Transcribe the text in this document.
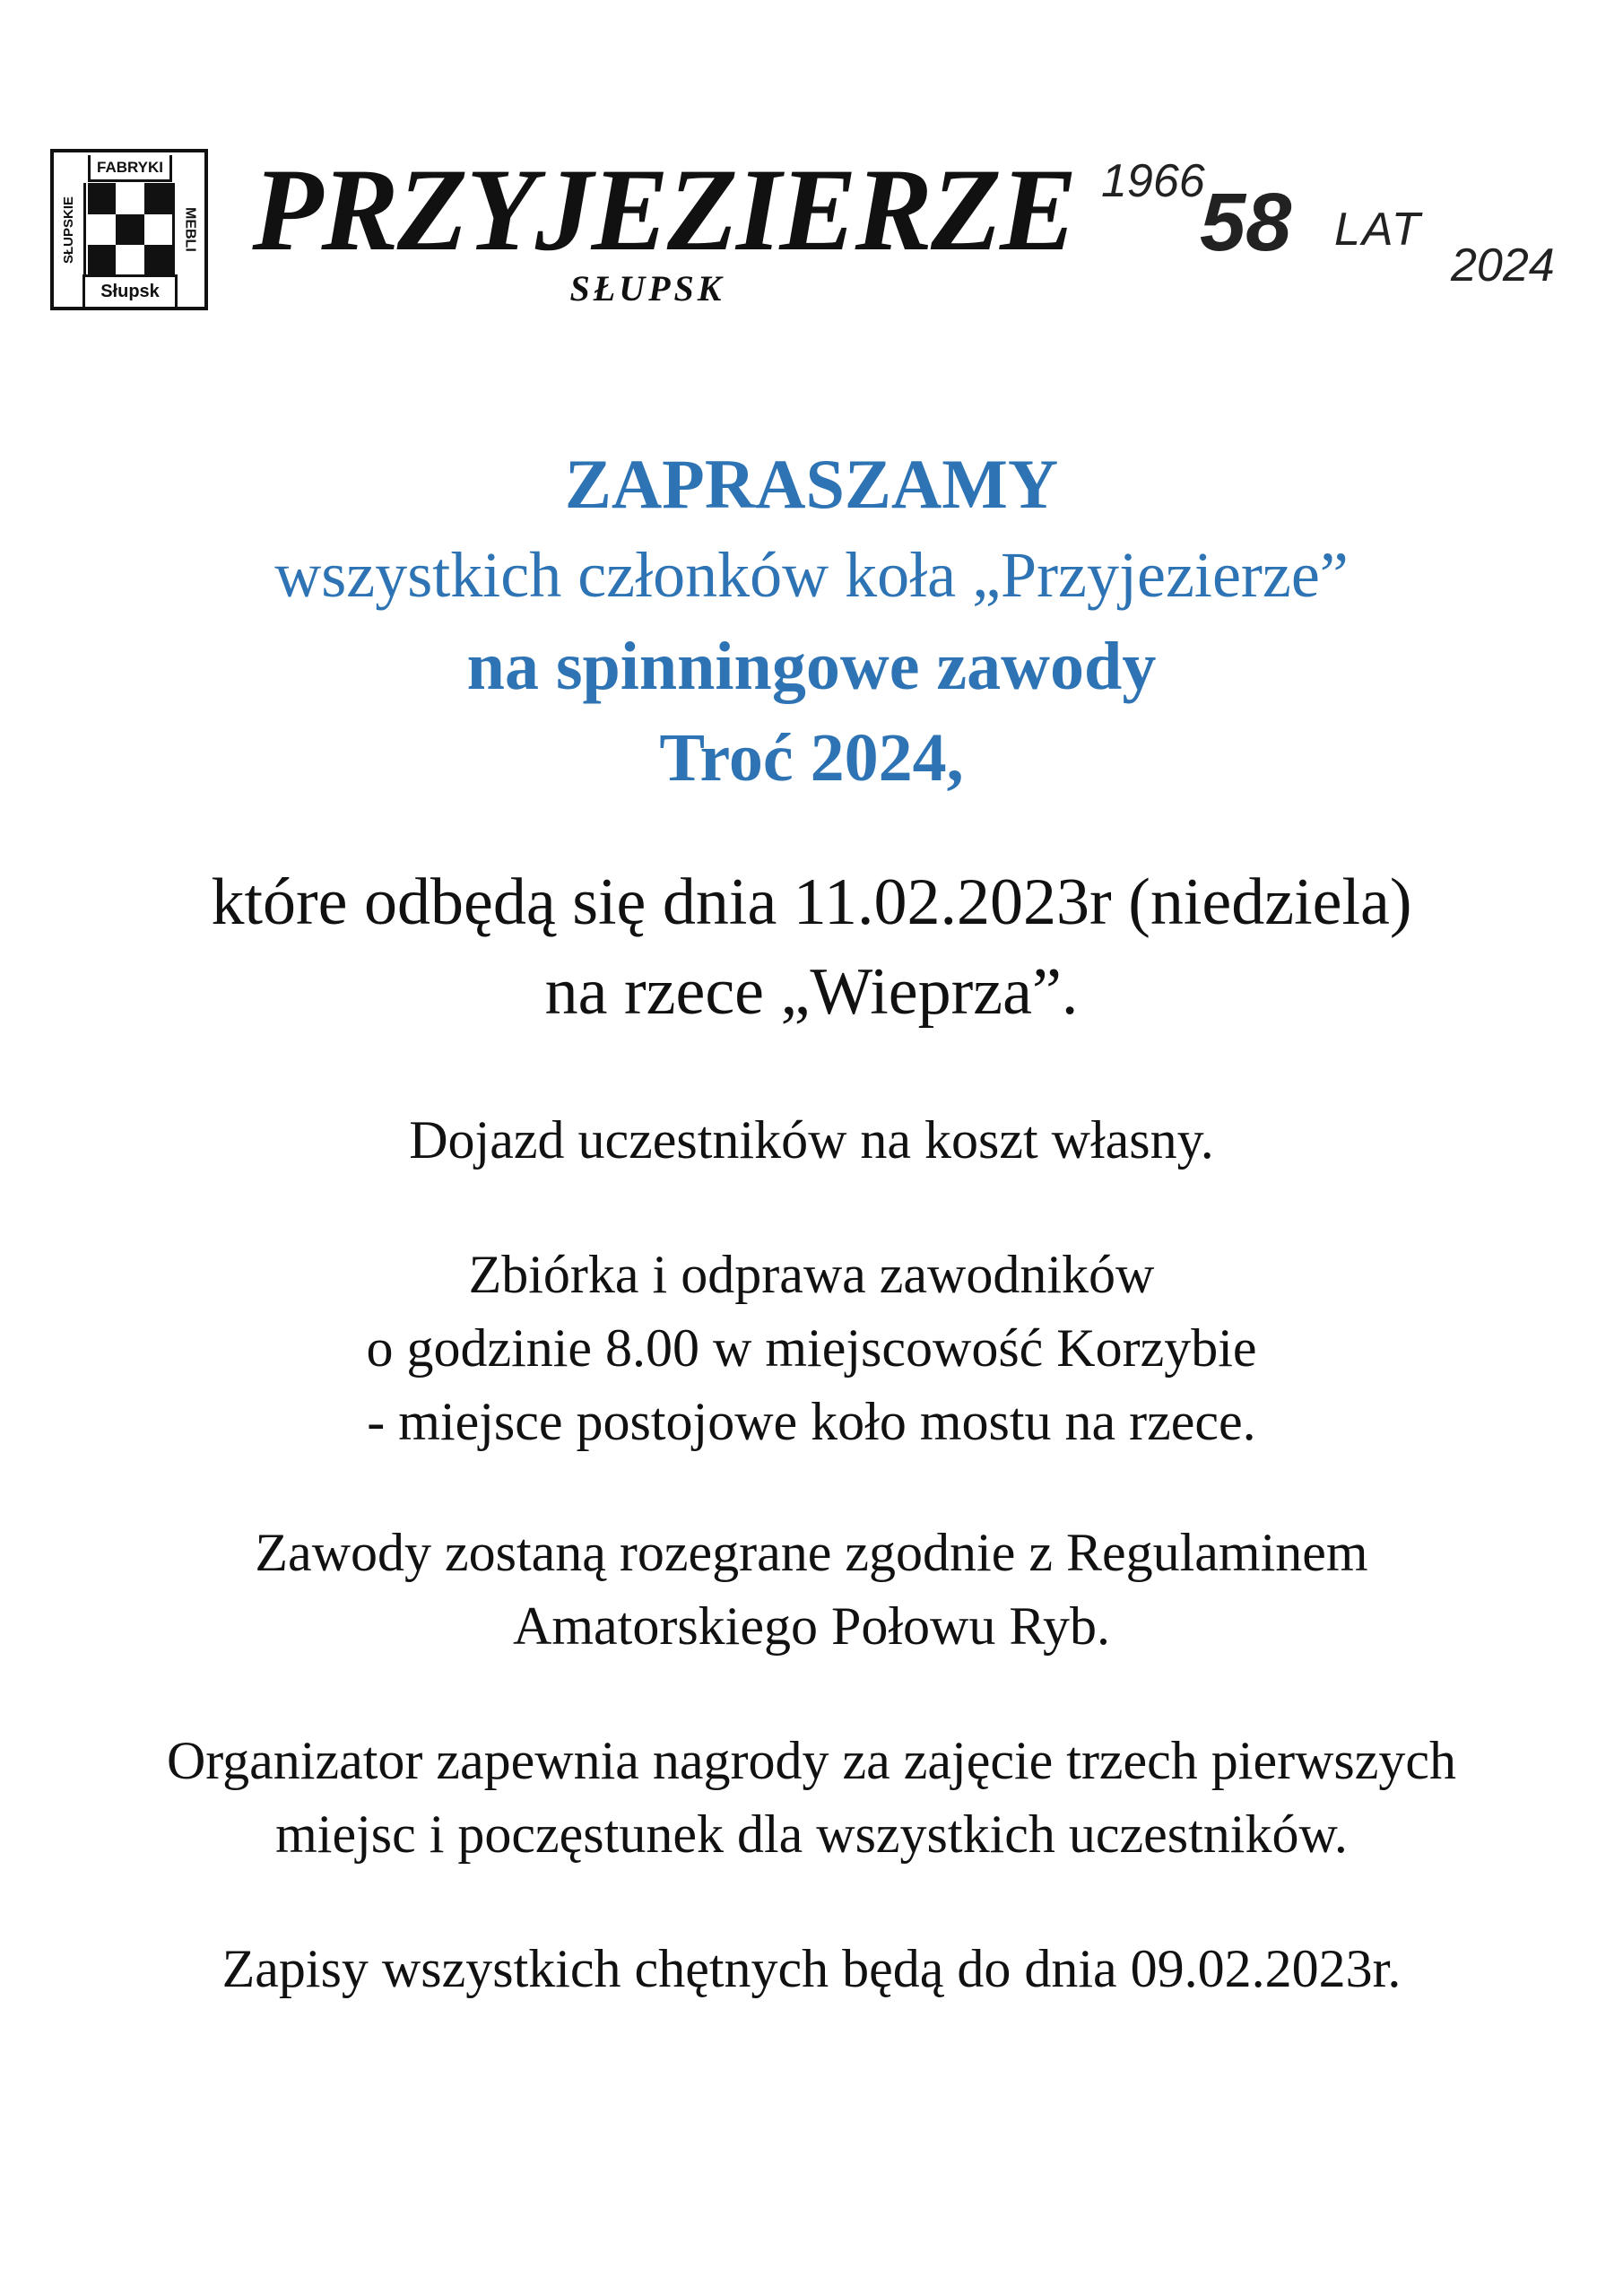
FABRYKI
SŁUPSKIE	MEBLI
Słupsk
PRZYJEZIERZE
SŁUPSK
1966
58 LAT
2024
ZAPRASZAMY
wszystkich członków koła „Przyjezierze”
na spinningowe zawody
Troć 2024,
które odbędą się dnia 11.02.2023r (niedziela)
na rzece „Wieprza”.
Dojazd uczestników na koszt własny.
Zbiórka i odprawa zawodników
o godzinie 8.00 w miejscowość Korzybie
- miejsce postojowe koło mostu na rzece.
Zawody zostaną rozegrane zgodnie z Regulaminem
Amatorskiego Połowu Ryb.
Organizator zapewnia nagrody za zajęcie trzech pierwszych
miejsc i poczęstunek dla wszystkich uczestników.
Zapisy wszystkich chętnych będą do dnia 09.02.2023r.
